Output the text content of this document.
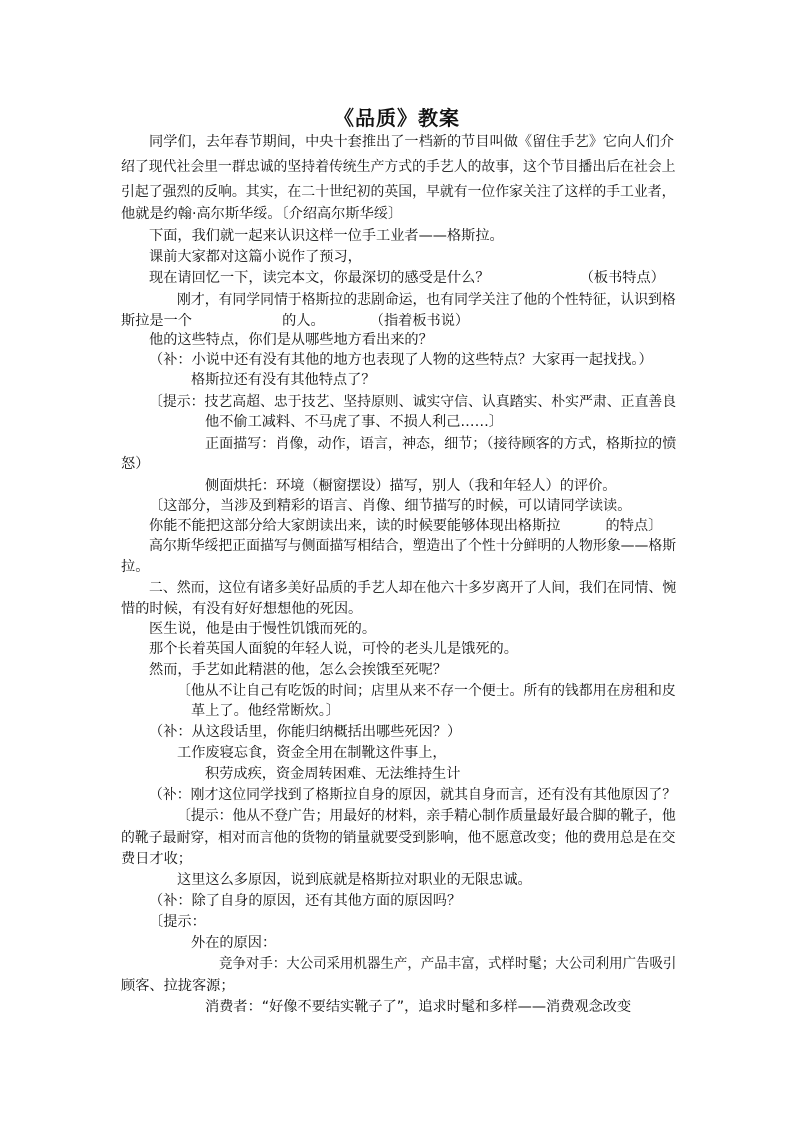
《品质》教案
同学们，去年春节期间，中央十套推出了一档新的节目叫做《留住手艺》它向人们介
绍了现代社会里一群忠诚的坚持着传统生产方式的手艺人的故事，这个节目播出后在社会上
引起了强烈的反响。其实，在二十世纪初的英国，早就有一位作家关注了这样的手工业者，
他就是约翰·高尔斯华绥。〔介绍高尔斯华绥〕
下面，我们就一起来认识这样一位手工业者——格斯拉。
课前大家都对这篇小说作了预习，
现在请回忆一下，读完本文，你最深切的感受是什么？                    （板书特点）
刚才，有同学同情于格斯拉的悲剧命运，也有同学关注了他的个性特征，认识到格
斯拉是一个                    的人。          （指着板书说）
他的这些特点，你们是从哪些地方看出来的？
（补：小说中还有没有其他的地方也表现了人物的这些特点？大家再一起找找。）
格斯拉还有没有其他特点了？
〔提示：技艺高超、忠于技艺、坚持原则、诚实守信、认真踏实、朴实严肃、正直善良
他不偷工减料、不马虎了事、不损人利己……〕
正面描写：肖像，动作，语言，神态，细节；（接待顾客的方式，格斯拉的愤
怒）
侧面烘托：环境（橱窗摆设）描写，别人（我和年轻人）的评价。
〔这部分，当涉及到精彩的语言、肖像、细节描写的时候，可以请同学读读。
你能不能把这部分给大家朗读出来，读的时候要能够体现出格斯拉          的特点〕
高尔斯华绥把正面描写与侧面描写相结合，塑造出了个性十分鲜明的人物形象——格斯
拉。
二、然而，这位有诸多美好品质的手艺人却在他六十多岁离开了人间，我们在同情、惋
惜的时候，有没有好好想想他的死因。
医生说，他是由于慢性饥饿而死的。
那个长着英国人面貌的年轻人说，可怜的老头儿是饿死的。
然而，手艺如此精湛的他，怎么会挨饿至死呢？
〔他从不让自己有吃饭的时间；店里从来不存一个便士。所有的钱都用在房租和皮
革上了。他经常断炊。〕
（补：从这段话里，你能归纳概括出哪些死因？）
工作废寝忘食，资金全用在制靴这件事上，
积劳成疾，资金周转困难、无法维持生计
（补：刚才这位同学找到了格斯拉自身的原因，就其自身而言，还有没有其他原因了？
〔提示：他从不登广告；用最好的材料，亲手精心制作质量最好最合脚的靴子，他
的靴子最耐穿，相对而言他的货物的销量就要受到影响，他不愿意改变；他的费用总是在交
费日才收；
这里这么多原因，说到底就是格斯拉对职业的无限忠诚。
（补：除了自身的原因，还有其他方面的原因吗？
〔提示：
外在的原因：
竞争对手：大公司采用机器生产，产品丰富，式样时髦；大公司利用广告吸引
顾客、拉拢客源；
消费者：“好像不要结实靴子了”，追求时髦和多样——消费观念改变
